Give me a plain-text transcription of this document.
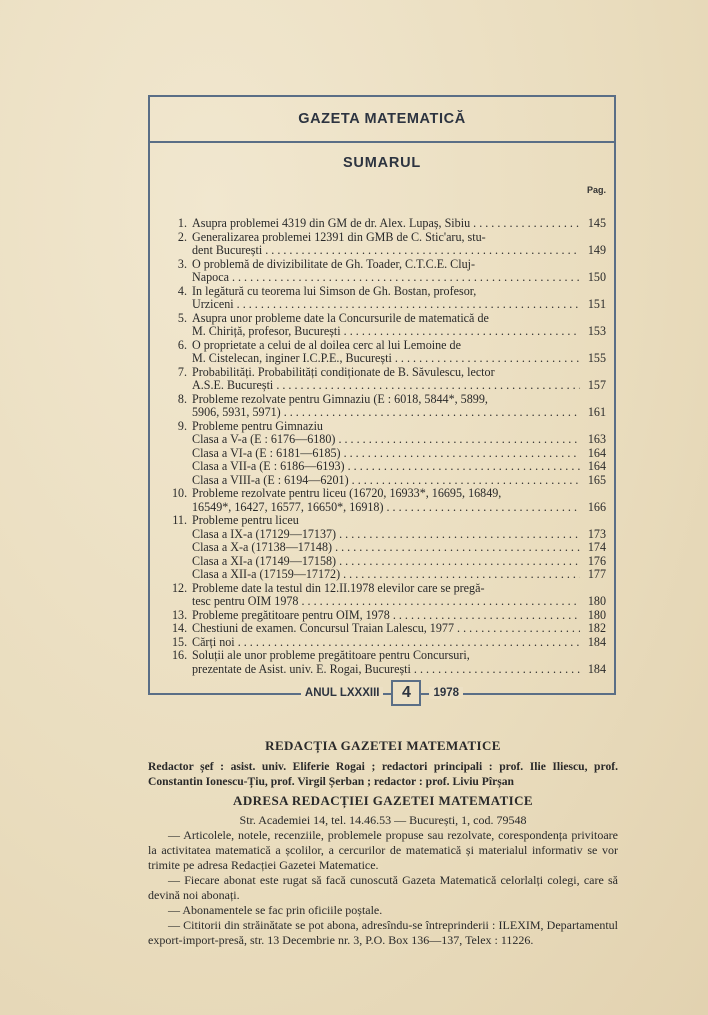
GAZETA MATEMATICĂ
SUMARUL
Pag.
1. Asupra problemei 4319 din GM de dr. Alex. Lupaș, Sibiu . . .	145
2. Generalizarea problemei 12391 din GMB de C. Stic'aru, stu-
dent București . . .	149
3. O problemă de divizibilitate de Gh. Toader, C.T.C.E. Cluj-
Napoca . . .	150
4. In legătură cu teorema lui Simson de Gh. Bostan, profesor,
Urziceni . . .	151
5. Asupra unor probleme date la Concursurile de matematică de
M. Chiriță, profesor, București . . .	153
6. O proprietate a celui de al doilea cerc al lui Lemoine de
M. Cistelecan, inginer I.C.P.E., București . . .	155
7. Probabilități. Probabilități condiționate de B. Săvulescu, lector
A.S.E. București . . .	157
8. Probleme rezolvate pentru Gimnaziu (E : 6018, 5844*, 5899,
5906, 5931, 5971) . . .	161
9. Probleme pentru Gimnaziu
Clasa a V-a (E : 6176—6180) . . .	163
Clasa a VI-a (E : 6181—6185) . . .	164
Clasa a VII-a (E : 6186—6193) . . .	164
Clasa a VIII-a (E : 6194—6201) . . .	165
10. Probleme rezolvate pentru liceu (16720, 16933*, 16695, 16849,
16549*, 16427, 16577, 16650*, 16918) . . .	166
11. Probleme pentru liceu
Clasa a IX-a (17129—17137) . . .	173
Clasa a X-a (17138—17148) . . .	174
Clasa a XI-a (17149—17158) . . .	176
Clasa a XII-a (17159—17172) . . .	177
12. Probleme date la testul din 12.II.1978 elevilor care se pregă-
tesc pentru OIM 1978 . . .	180
13. Probleme pregătitoare pentru OIM, 1978 . . .	180
14. Chestiuni de examen. Concursul Traian Lalescu, 1977 . . .	182
15. Cărți noi . . .	184
16. Soluții ale unor probleme pregătitoare pentru Concursuri,
prezentate de Asist. univ. E. Rogai, București . . .	184
ANUL LXXXIII	4	1978
REDACȚIA GAZETEI MATEMATICE
Redactor șef : asist. univ. Eliferie Rogai ; redactori principali : prof. Ilie Iliescu, prof. Constantin Ionescu-Țiu, prof. Virgil Șerban ; redactor : prof. Liviu Pîrșan
ADRESA REDACȚIEI GAZETEI MATEMATICE
Str. Academiei 14, tel. 14.46.53 — București, 1, cod. 79548
— Articolele, notele, recenziile, problemele propuse sau rezolvate, corespondența privitoare la activitatea matematică a școlilor, a cercurilor de matematică și materialul informativ se vor trimite pe adresa Redacției Gazetei Matematice.
— Fiecare abonat este rugat să facă cunoscută Gazeta Matematică celorlalți colegi, care să devină noi abonați.
— Abonamentele se fac prin oficiile poștale.
— Cititorii din străinătate se pot abona, adresîndu-se întreprinderii : ILEXIM, Departamentul export-import-presă, str. 13 Decembrie nr. 3, P.O. Box 136—137, Telex : 11226.
